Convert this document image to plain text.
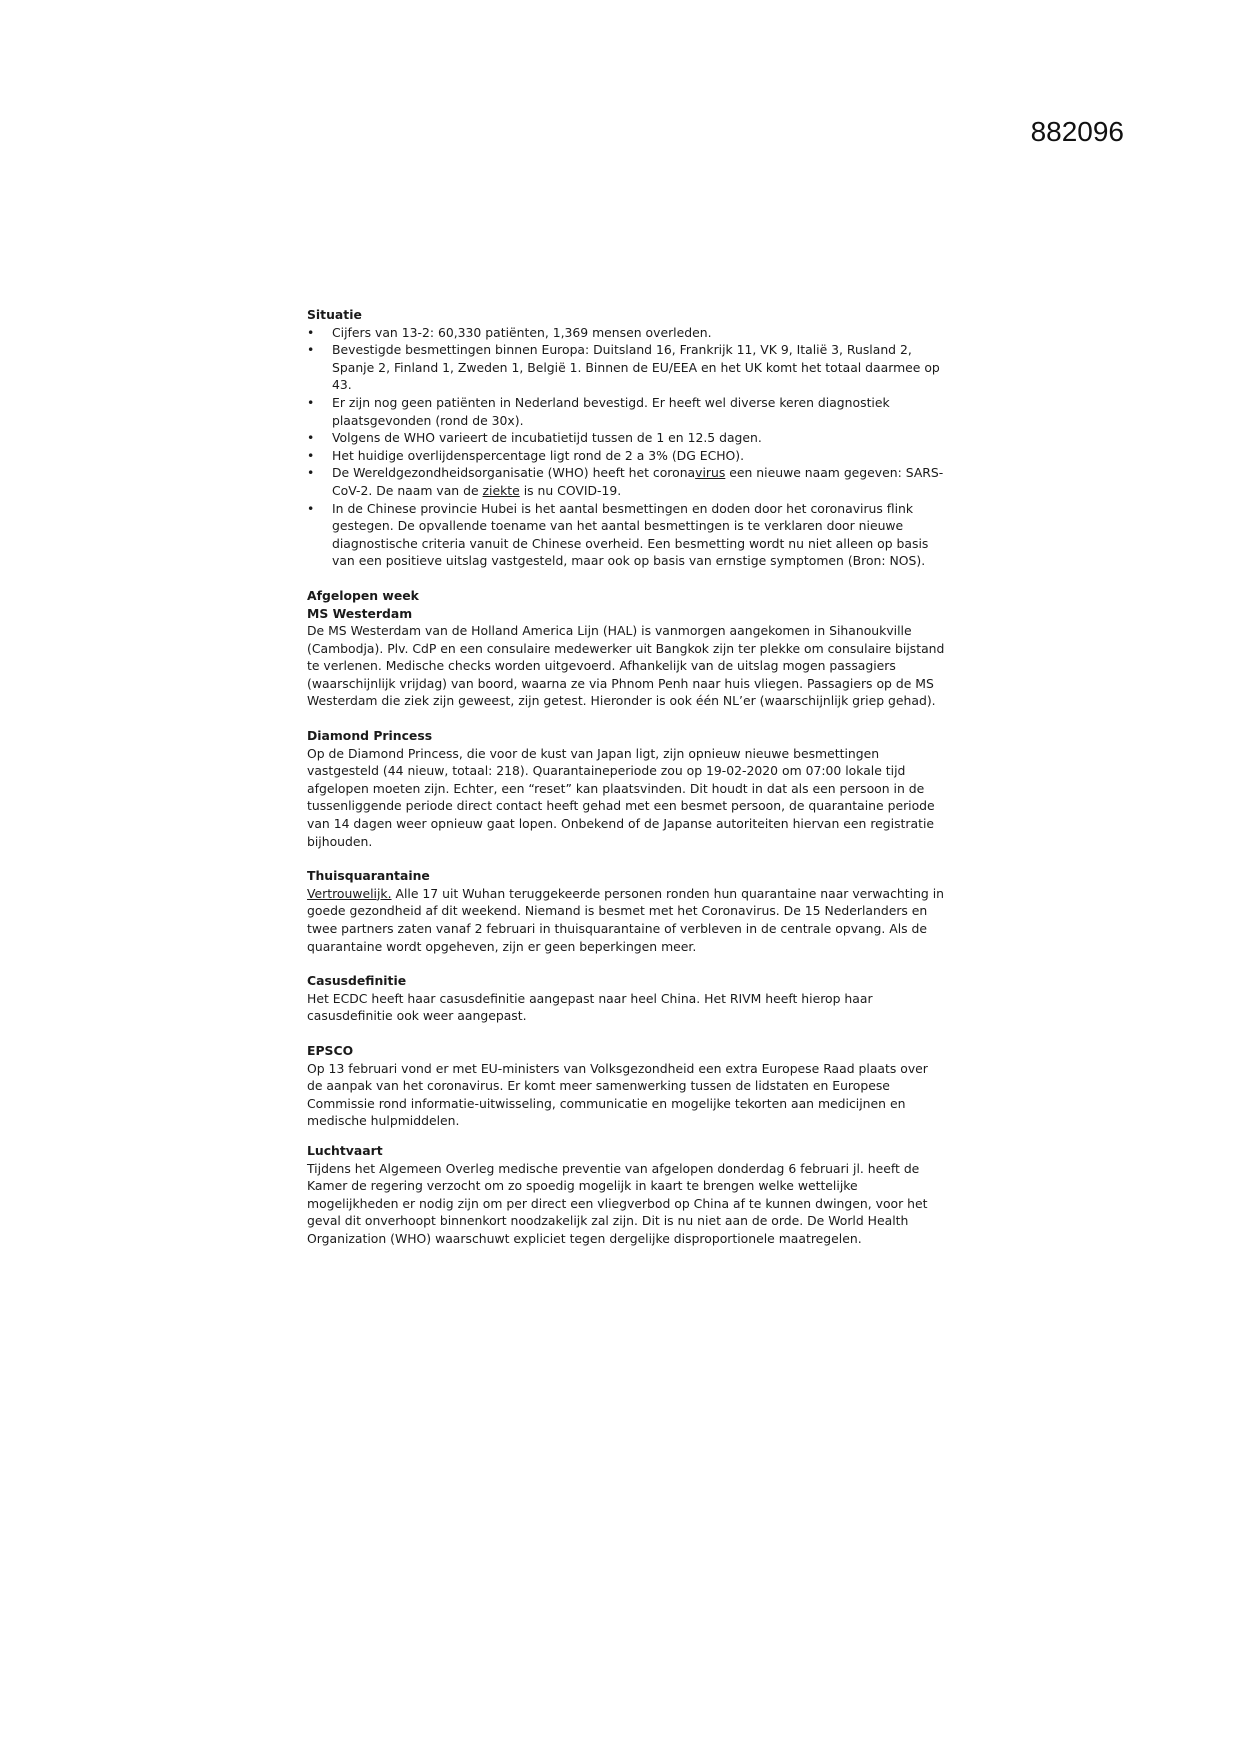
882096
Situatie
• Cijfers van 13-2: 60,330 patiënten, 1,369 mensen overleden.
• Bevestigde besmettingen binnen Europa: Duitsland 16, Frankrijk 11, VK 9, Italië 3, Rusland 2, Spanje 2, Finland 1, Zweden 1, België 1. Binnen de EU/EEA en het UK komt het totaal daarmee op 43.
• Er zijn nog geen patiënten in Nederland bevestigd. Er heeft wel diverse keren diagnostiek plaatsgevonden (rond de 30x).
• Volgens de WHO varieert de incubatietijd tussen de 1 en 12.5 dagen.
• Het huidige overlijdenspercentage ligt rond de 2 a 3% (DG ECHO).
• De Wereldgezondheidsorganisatie (WHO) heeft het coronavirus een nieuwe naam gegeven: SARS-CoV-2. De naam van de ziekte is nu COVID-19.
• In de Chinese provincie Hubei is het aantal besmettingen en doden door het coronavirus flink gestegen. De opvallende toename van het aantal besmettingen is te verklaren door nieuwe diagnostische criteria vanuit de Chinese overheid. Een besmetting wordt nu niet alleen op basis van een positieve uitslag vastgesteld, maar ook op basis van ernstige symptomen (Bron: NOS).
Afgelopen week
MS Westerdam

De MS Westerdam van de Holland America Lijn (HAL) is vanmorgen aangekomen in Sihanoukville (Cambodja). Plv. CdP en een consulaire medewerker uit Bangkok zijn ter plekke om consulaire bijstand te verlenen. Medische checks worden uitgevoerd. Afhankelijk van de uitslag mogen passagiers (waarschijnlijk vrijdag) van boord, waarna ze via Phnom Penh naar huis vliegen. Passagiers op de MS Westerdam die ziek zijn geweest, zijn getest. Hieronder is ook één NL’er (waarschijnlijk griep gehad).

Diamond Princess

Op de Diamond Princess, die voor de kust van Japan ligt, zijn opnieuw nieuwe besmettingen vastgesteld (44 nieuw, totaal: 218). Quarantaineperiode zou op 19-02-2020 om 07:00 lokale tijd afgelopen moeten zijn. Echter, een “reset” kan plaatsvinden. Dit houdt in dat als een persoon in de tussenliggende periode direct contact heeft gehad met een besmet persoon, de quarantaine periode van 14 dagen weer opnieuw gaat lopen. Onbekend of de Japanse autoriteiten hiervan een registratie bijhouden.

Thuisquarantaine

Vertrouwelijk. Alle 17 uit Wuhan teruggekeerde personen ronden hun quarantaine naar verwachting in goede gezondheid af dit weekend. Niemand is besmet met het Coronavirus. De 15 Nederlanders en twee partners zaten vanaf 2 februari in thuisquarantaine of verbleven in de centrale opvang. Als de quarantaine wordt opgeheven, zijn er geen beperkingen meer.

Casusdefinitie

Het ECDC heeft haar casusdefinitie aangepast naar heel China. Het RIVM heeft hierop haar casusdefinitie ook weer aangepast.

EPSCO

Op 13 februari vond er met EU-ministers van Volksgezondheid een extra Europese Raad plaats over de aanpak van het coronavirus. Er komt meer samenwerking tussen de lidstaten en Europese Commissie rond informatie-uitwisseling, communicatie en mogelijke tekorten aan medicijnen en medische hulpmiddelen.

Luchtvaart

Tijdens het Algemeen Overleg medische preventie van afgelopen donderdag 6 februari jl. heeft de Kamer de regering verzocht om zo spoedig mogelijk in kaart te brengen welke wettelijke mogelijkheden er nodig zijn om per direct een vliegverbod op China af te kunnen dwingen, voor het geval dit onverhoopt binnenkort noodzakelijk zal zijn. Dit is nu niet aan de orde. De World Health Organization (WHO) waarschuwt expliciet tegen dergelijke disproportionele maatregelen.
